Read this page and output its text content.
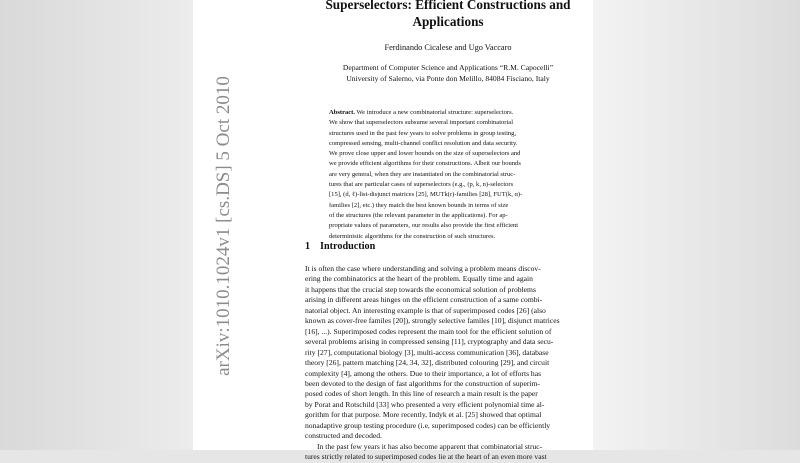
arXiv:1010.1024v1 [cs.DS] 5 Oct 2010
Superselectors: Efficient Constructions and
Applications
Ferdinando Cicalese and Ugo Vaccaro
Department of Computer Science and Applications “R.M. Capocelli”
University of Salerno, via Ponte don Melillo, 84084 Fisciano, Italy
Abstract. We introduce a new combinatorial structure: superselectors.
We show that superselectors subsume several important combinatorial
structures used in the past few years to solve problems in group testing,
compressed sensing, multi-channel conflict resolution and data security.
We prove close upper and lower bounds on the size of superselectors and
we provide efficient algorithms for their constructions. Albeit our bounds
are very general, when they are instantiated on the combinatorial struc-
tures that are particular cases of superselectors (e.g., (p, k, n)-selectors
[15], (d, ℓ)-list-disjunct matrices [25], MUTk(r)-families [28], FUT(k, α)-
families [2], etc.) they match the best known bounds in terms of size
of the structures (the relevant parameter in the applications). For ap-
propriate values of parameters, our results also provide the first efficient
deterministic algorithms for the construction of such structures.
1 Introduction
It is often the case where understanding and solving a problem means discov-
ering the combinatorics at the heart of the problem. Equally time and again
it happens that the crucial step towards the economical solution of problems
arising in different areas hinges on the efficient construction of a same combi-
natorial object. An interesting example is that of superimposed codes [26] (also
known as cover-free familes [20]), strongly selective familes [10], disjunct matrices
[16], ...). Superimposed codes represent the main tool for the efficient solution of
several problems arising in compressed sensing [11], cryptography and data secu-
rity [27], computational biology [3], multi-access communication [36], database
theory [26], pattern matching [24, 34, 32], distributed colouring [29], and circuit
complexity [4], among the others. Due to their importance, a lot of efforts has
been devoted to the design of fast algorithms for the construction of superim-
posed codes of short length. In this line of research a main result is the paper
by Porat and Rotschild [33] who presented a very efficient polynomial time al-
gorithm for that purpose. More recently, Indyk et al. [25] showed that optimal
nonadaptive group testing procedure (i.e, superimposed codes) can be efficiently
constructed and decoded.
In the past few years it has also become apparent that combinatorial struc-
tures strictly related to superimposed codes lie at the heart of an even more vast
